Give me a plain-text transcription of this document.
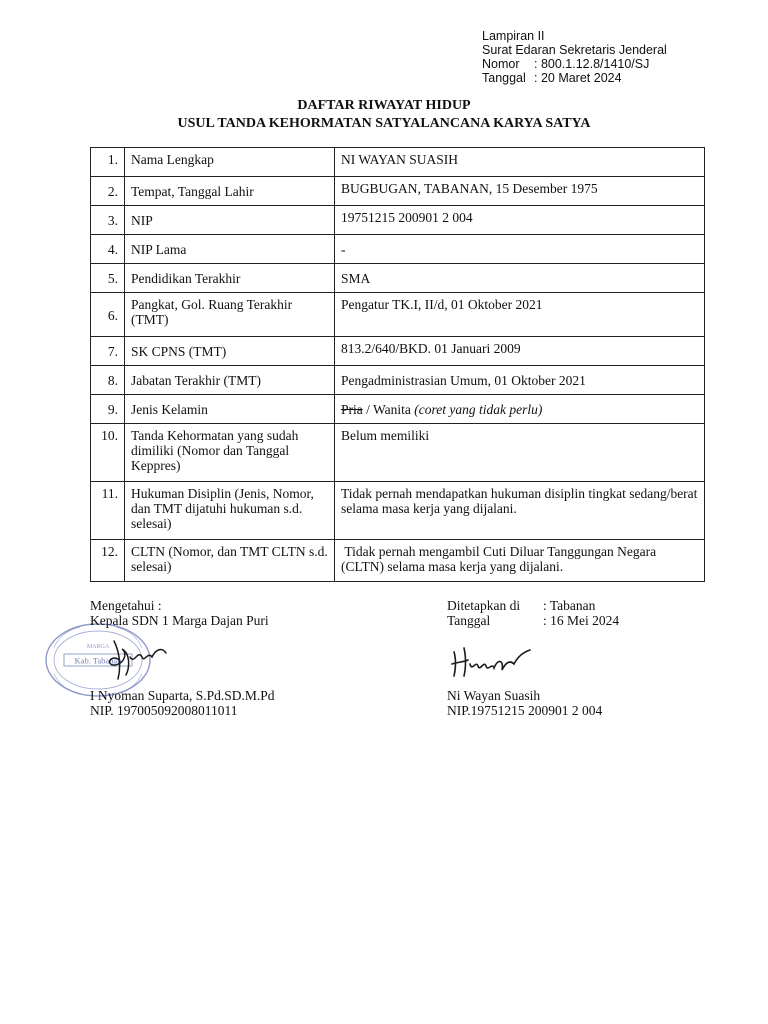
Lampiran II
Surat Edaran Sekretaris Jenderal
Nomor	: 800.1.12.8/1410/SJ
Tanggal : 20 Maret 2024
DAFTAR RIWAYAT HIDUP
USUL TANDA KEHORMATAN SATYALANCANA KARYA SATYA
1.	Nama Lengkap	NI WAYAN SUASIH
2.	Tempat, Tanggal Lahir	BUGBUGAN, TABANAN, 15 Desember 1975
3.	NIP	19751215 200901 2 004
4.	NIP Lama	-
5.	Pendidikan Terakhir	SMA
6.	Pangkat, Gol. Ruang Terakhir (TMT)	Pengatur TK.I, II/d, 01 Oktober 2021
7.	SK CPNS (TMT)	813.2/640/BKD. 01 Januari 2009
8.	Jabatan Terakhir (TMT)	Pengadministrasian Umum, 01 Oktober 2021
9.	Jenis Kelamin	Pria / Wanita (coret yang tidak perlu)
10.	Tanda Kehormatan yang sudah dimiliki (Nomor dan Tanggal Keppres)	Belum memiliki
11.	Hukuman Disiplin (Jenis, Nomor, dan TMT dijatuhi hukuman s.d. selesai)	Tidak pernah mendapatkan hukuman disiplin tingkat sedang/berat selama masa kerja yang dijalani.
12.	CLTN (Nomor, dan TMT CLTN s.d. selesai)	Tidak pernah mengambil Cuti Diluar Tanggungan Negara (CLTN) selama masa kerja yang dijalani.
Kab. Tabanan
MARGA
Mengetahui :
Kepala SDN 1 Marga Dajan Puri
I Nyoman Suparta, S.Pd.SD.M.Pd
NIP. 197005092008011011
Ditetapkan di	: Tabanan
Tanggal	: 16 Mei 2024
Ni Wayan Suasih
NIP.19751215 200901 2 004
